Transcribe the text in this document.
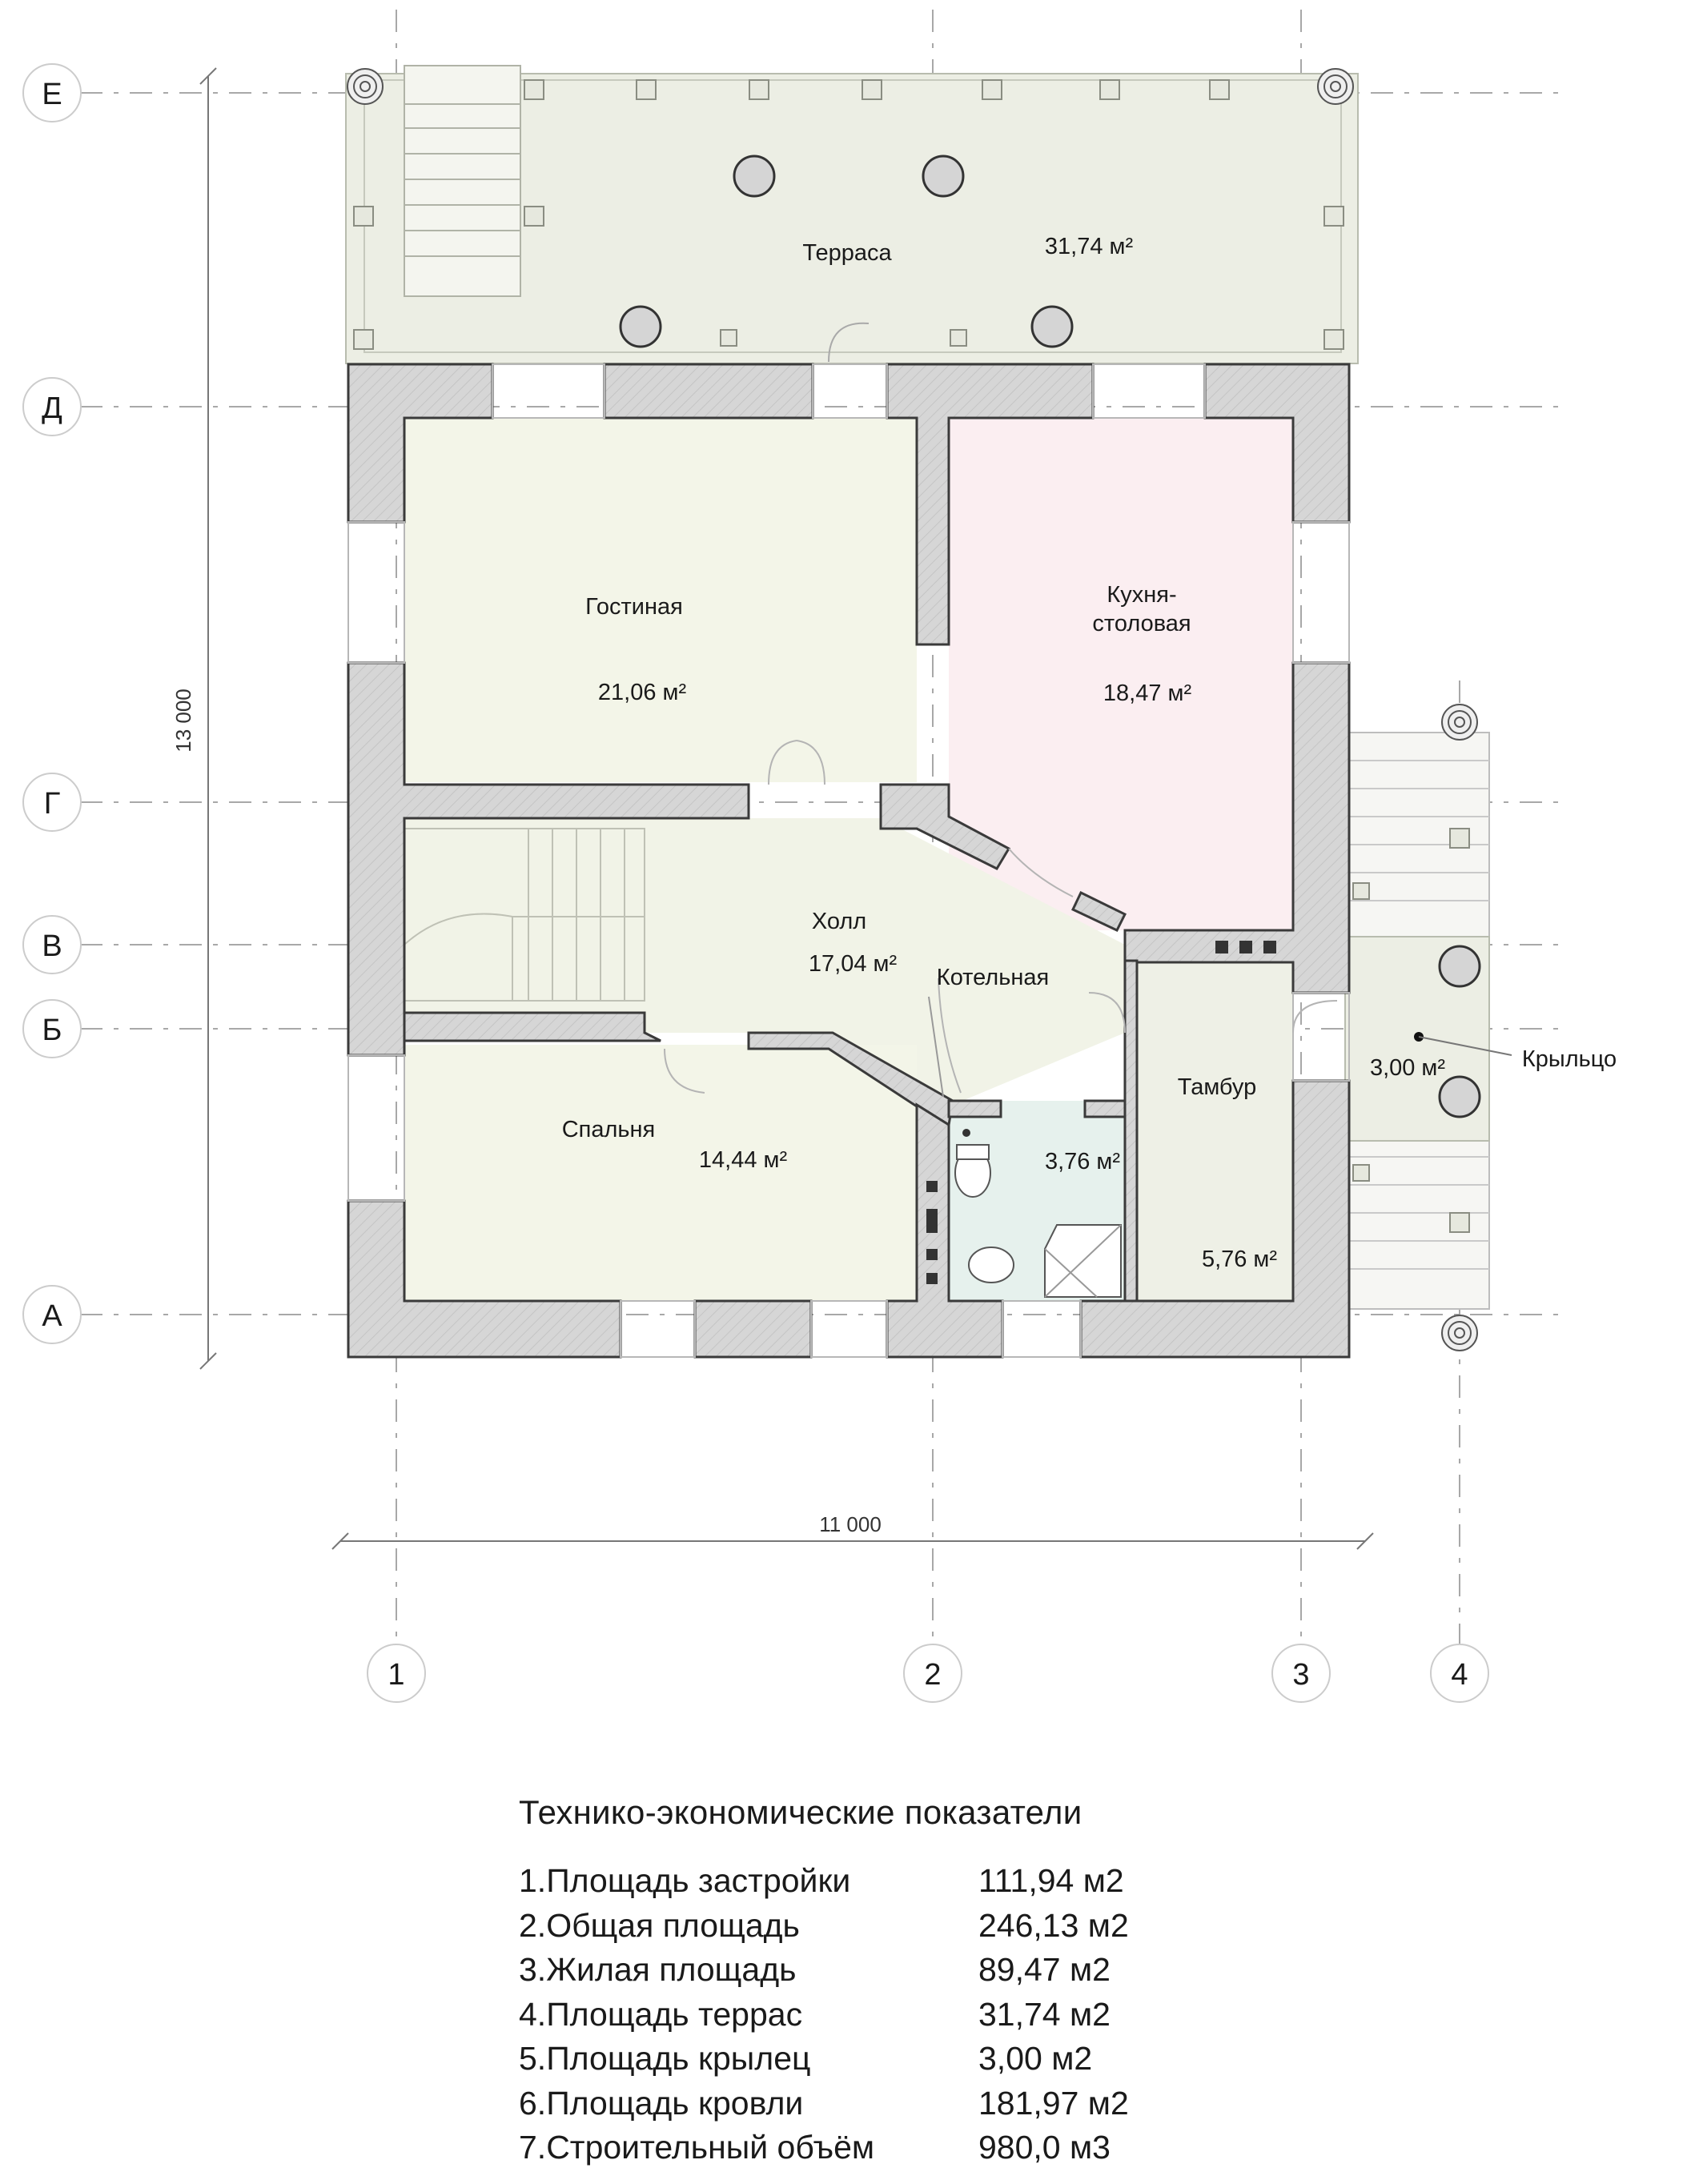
13 000
11 000
Е
Д
Г
В
Б
А
1	2	3	4
Терраса	31,74 м²
Гостиная
21,06 м²
Кухня-столовая
18,47 м²
Холл
17,04 м²
Котельная
Спальня
14,44 м²	3,76 м²
Тамбур
5,76 м²
3,00 м²	Крыльцо
Технико-экономические показатели
1.Площадь застройки	111,94 м2
2.Общая площадь	246,13 м2
3.Жилая площадь	89,47 м2
4.Площадь террас	31,74 м2
5.Площадь крылец	3,00 м2
6.Площадь кровли	181,97 м2
7.Строительный объём	980,0 м3
